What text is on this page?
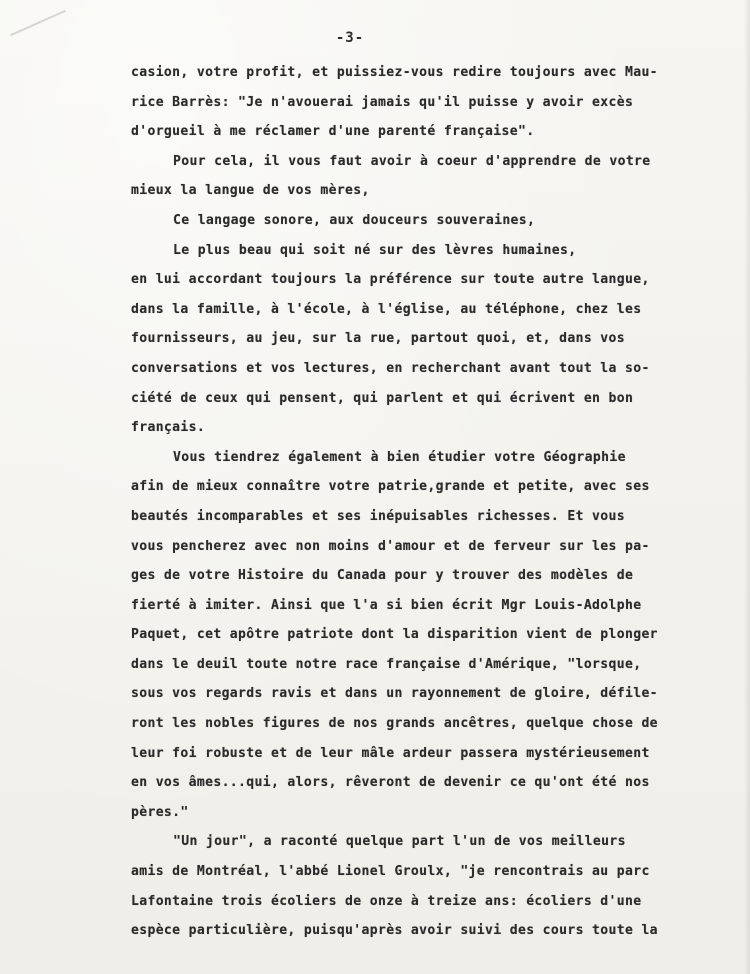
-3-
casion, votre profit, et puissiez-vous redire toujours avec Mau-
rice Barrès: "Je n'avouerai jamais qu'il puisse y avoir excès
d'orgueil à me réclamer d'une parenté française".
Pour cela, il vous faut avoir à coeur d'apprendre de votre
mieux la langue de vos mères,
Ce langage sonore, aux douceurs souveraines,
Le plus beau qui soit né sur des lèvres humaines,
en lui accordant toujours la préférence sur toute autre langue,
dans la famille, à l'école, à l'église, au téléphone, chez les
fournisseurs, au jeu, sur la rue, partout quoi, et, dans vos
conversations et vos lectures, en recherchant avant tout la so-
ciété de ceux qui pensent, qui parlent et qui écrivent en bon
français.
Vous tiendrez également à bien étudier votre Géographie
afin de mieux connaître votre patrie,grande et petite, avec ses
beautés incomparables et ses inépuisables richesses. Et vous
vous pencherez avec non moins d'amour et de ferveur sur les pa-
ges de votre Histoire du Canada pour y trouver des modèles de
fierté à imiter. Ainsi que l'a si bien écrit Mgr Louis-Adolphe
Paquet, cet apôtre patriote dont la disparition vient de plonger
dans le deuil toute notre race française d'Amérique, "lorsque,
sous vos regards ravis et dans un rayonnement de gloire, défile-
ront les nobles figures de nos grands ancêtres, quelque chose de
leur foi robuste et de leur mâle ardeur passera mystérieusement
en vos âmes...qui, alors, rêveront de devenir ce qu'ont été nos
pères."
"Un jour", a raconté quelque part l'un de vos meilleurs
amis de Montréal, l'abbé Lionel Groulx, "je rencontrais au parc
Lafontaine trois écoliers de onze à treize ans: écoliers d'une
espèce particulière, puisqu'après avoir suivi des cours toute la
